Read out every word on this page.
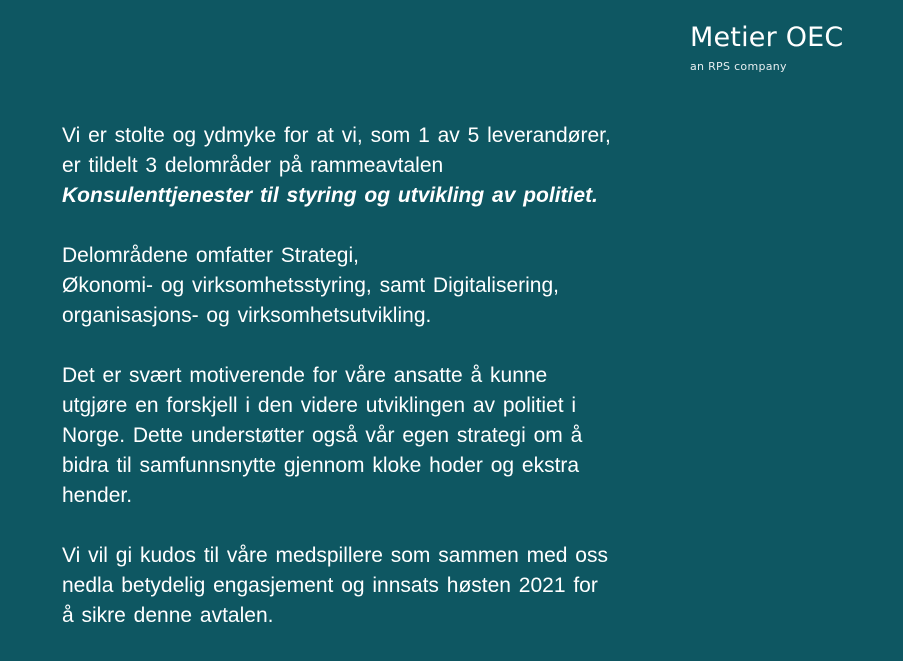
Metier OEC
an RPS company

Vi er stolte og ydmyke for at vi, som 1 av 5 leverandører,
er tildelt 3 delområder på rammeavtalen
Konsulenttjenester til styring og utvikling av politiet.

Delområdene omfatter Strategi,
Økonomi- og virksomhetsstyring, samt Digitalisering,
organisasjons- og virksomhetsutvikling.

Det er svært motiverende for våre ansatte å kunne
utgjøre en forskjell i den videre utviklingen av politiet i
Norge. Dette understøtter også vår egen strategi om å
bidra til samfunnsnytte gjennom kloke hoder og ekstra
hender.

Vi vil gi kudos til våre medspillere som sammen med oss
nedla betydelig engasjement og innsats høsten 2021 for
å sikre denne avtalen.
